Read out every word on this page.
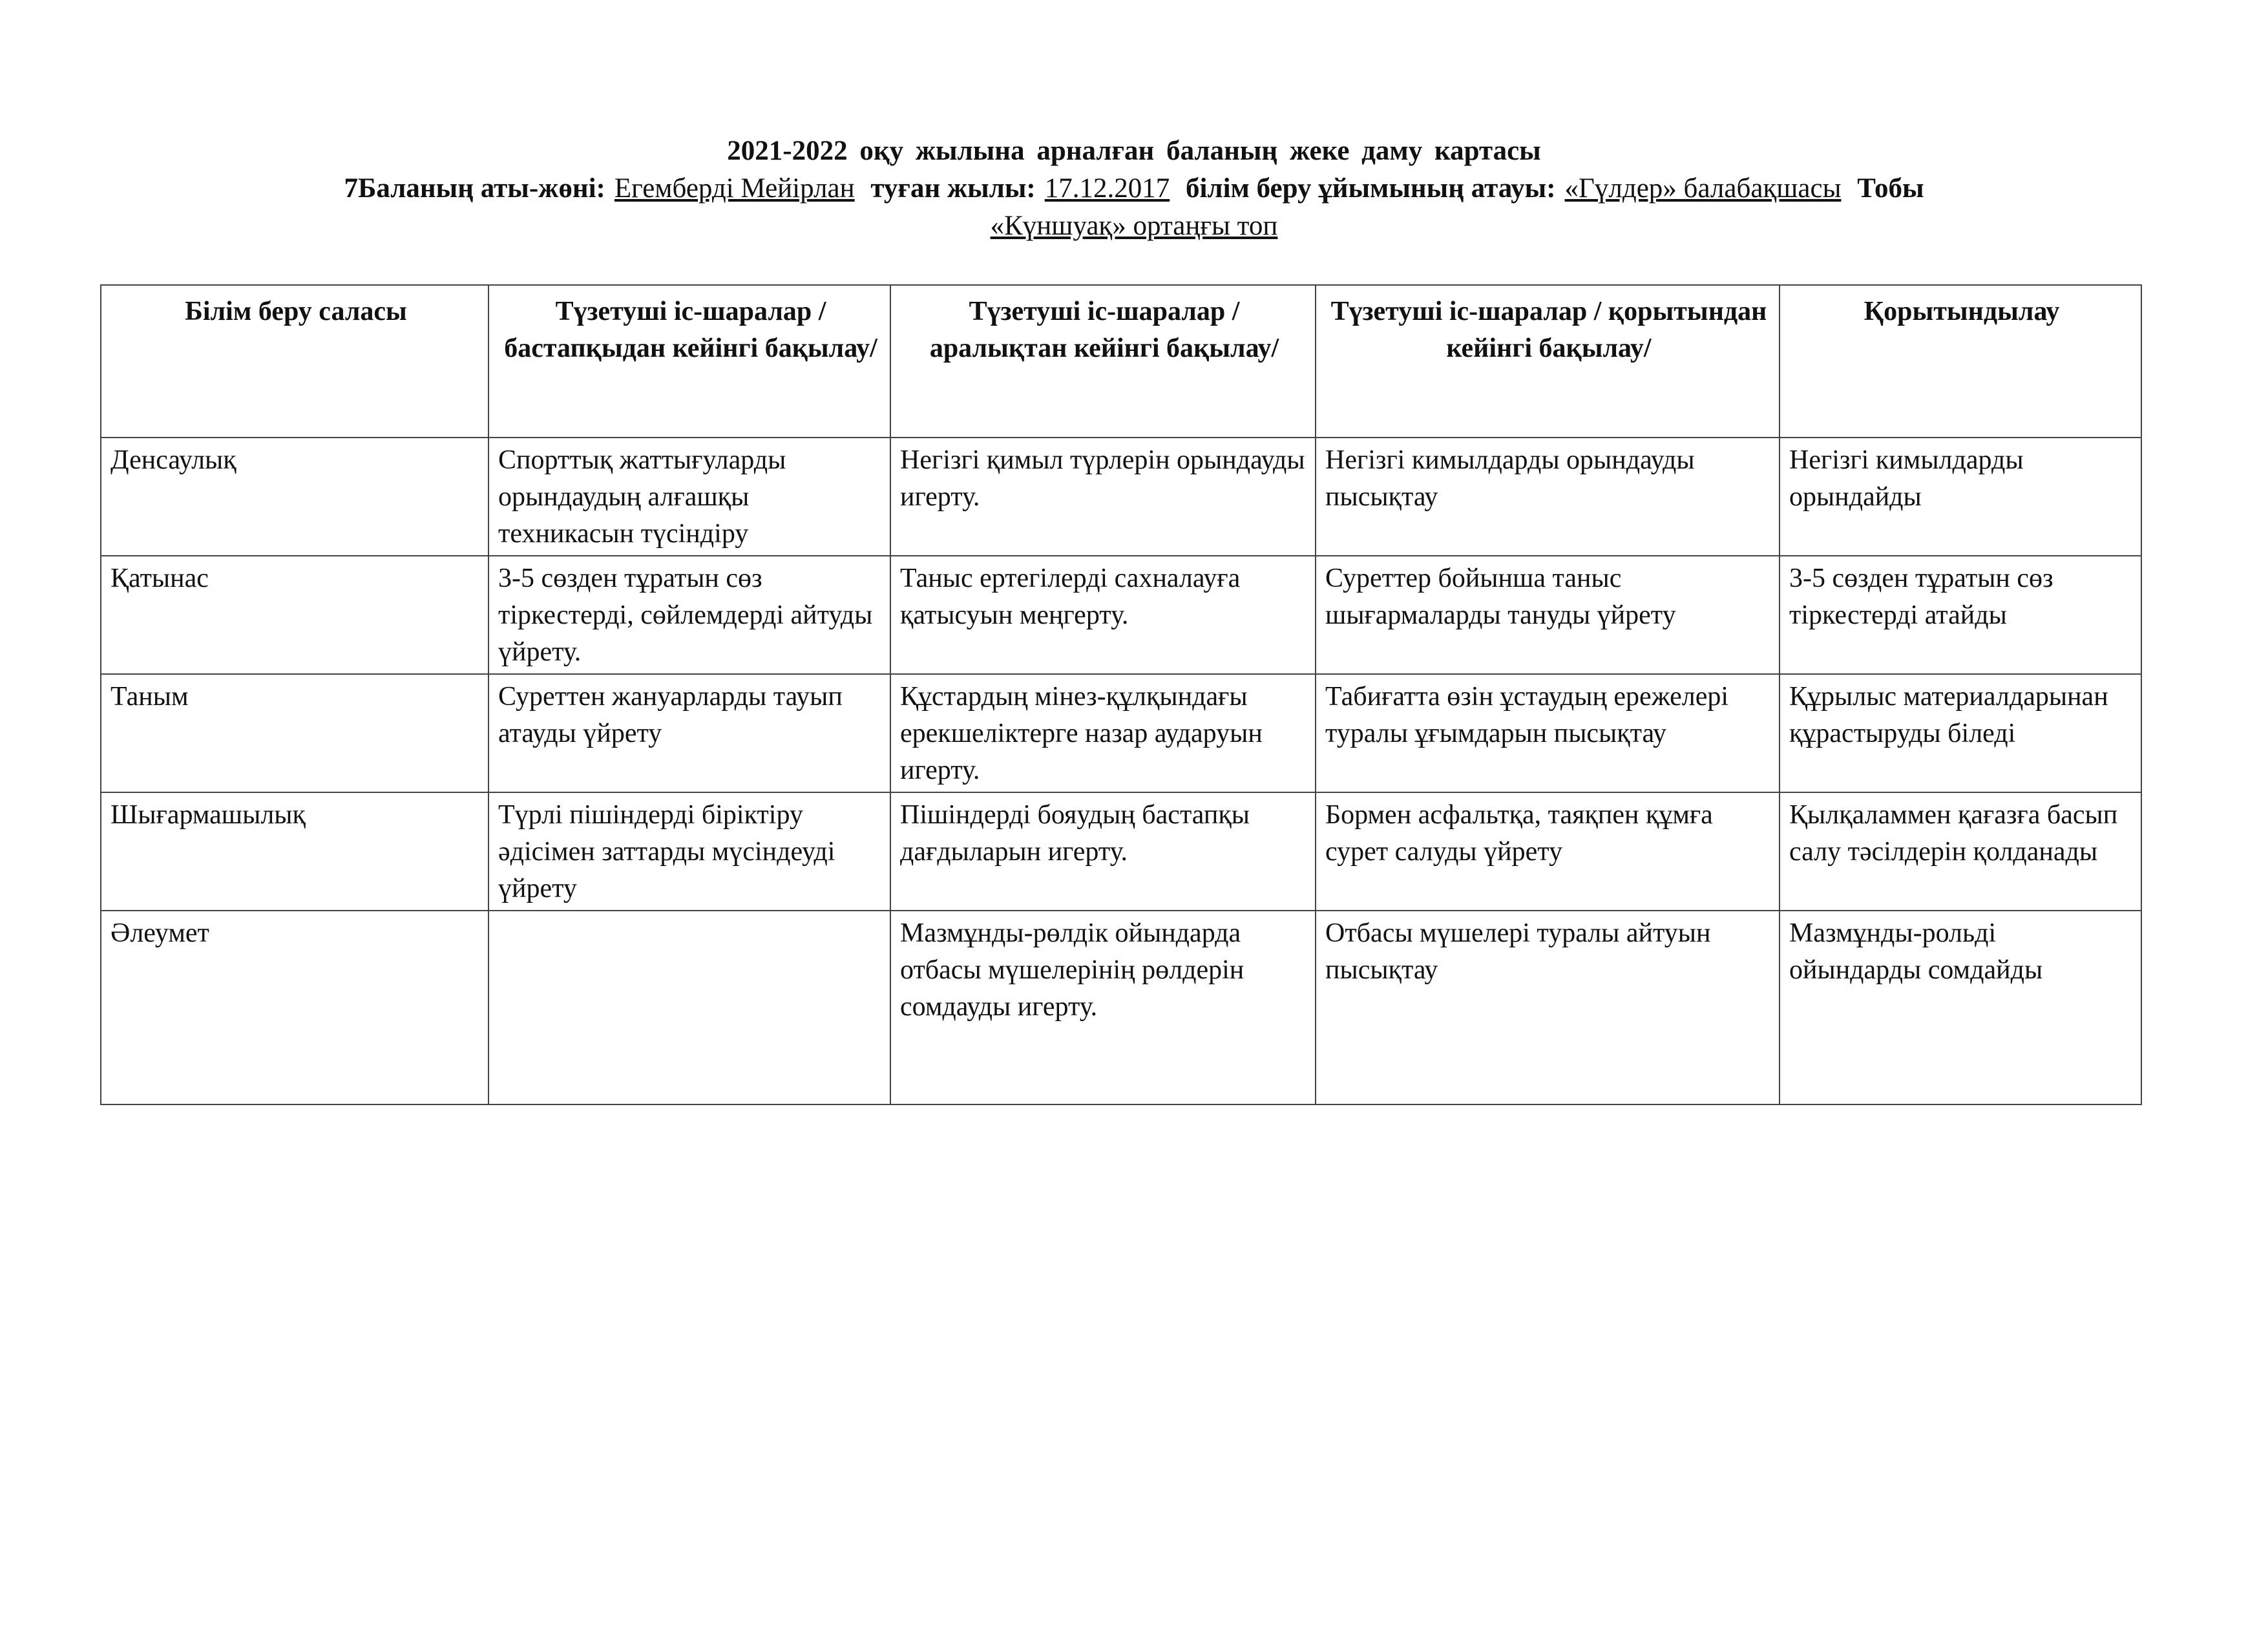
2021-2022 оқу жылына арналған баланың жеке даму картасы
7Баланың аты-жөні: Егемберді Мейірлан туған жылы: 17.12.2017 білім беру ұйымының атауы: «Гүлдер» балабақшасы Тобы
«Күншуақ» ортаңғы топ
Білім беру саласы	Түзетуші іс-шаралар /бастапқыдан кейінгі бақылау/	Түзетуші іс-шаралар / аралықтан кейінгі бақылау/	Түзетуші іс-шаралар / қорытындан кейінгі бақылау/	Қорытындылау
Денсаулық	Спорттық жаттығуларды орындаудың алғашқы техникасын түсіндіру	Негізгі қимыл түрлерін орындауды игерту.	Негізгі кимылдарды орындауды пысықтау	Негізгі кимылдарды орындайды
Қатынас	3-5 сөзден тұратын сөз тіркестерді, сөйлемдерді айтуды үйрету.	Таныс ертегілерді сахналауға қатысуын меңгерту.	Суреттер бойынша таныс шығармаларды тануды үйрету	3-5 сөзден тұратын сөз тіркестерді атайды
Таным	Суреттен жануарларды тауып атауды үйрету	Құстардың мінез-құлқындағы ерекшеліктерге назар аударуын игерту.	Табиғатта өзін ұстаудың ережелері туралы ұғымдарын пысықтау	Құрылыс материалдарынан құрастыруды біледі
Шығармашылық	Түрлі пішіндерді біріктіру әдісімен заттарды мүсіндеуді үйрету	Пішіндерді бояудың бастапқы дағдыларын игерту.	Бормен асфальтқа, таяқпен құмға сурет салуды үйрету	Қылқаламмен қағазға басып салу тәсілдерін қолданады
Әлеумет		Мазмұнды-рөлдік ойындарда отбасы мүшелерінің рөлдерін сомдауды игерту.	Отбасы мүшелері туралы айтуын пысықтау	Мазмұнды-рольді ойындарды сомдайды
